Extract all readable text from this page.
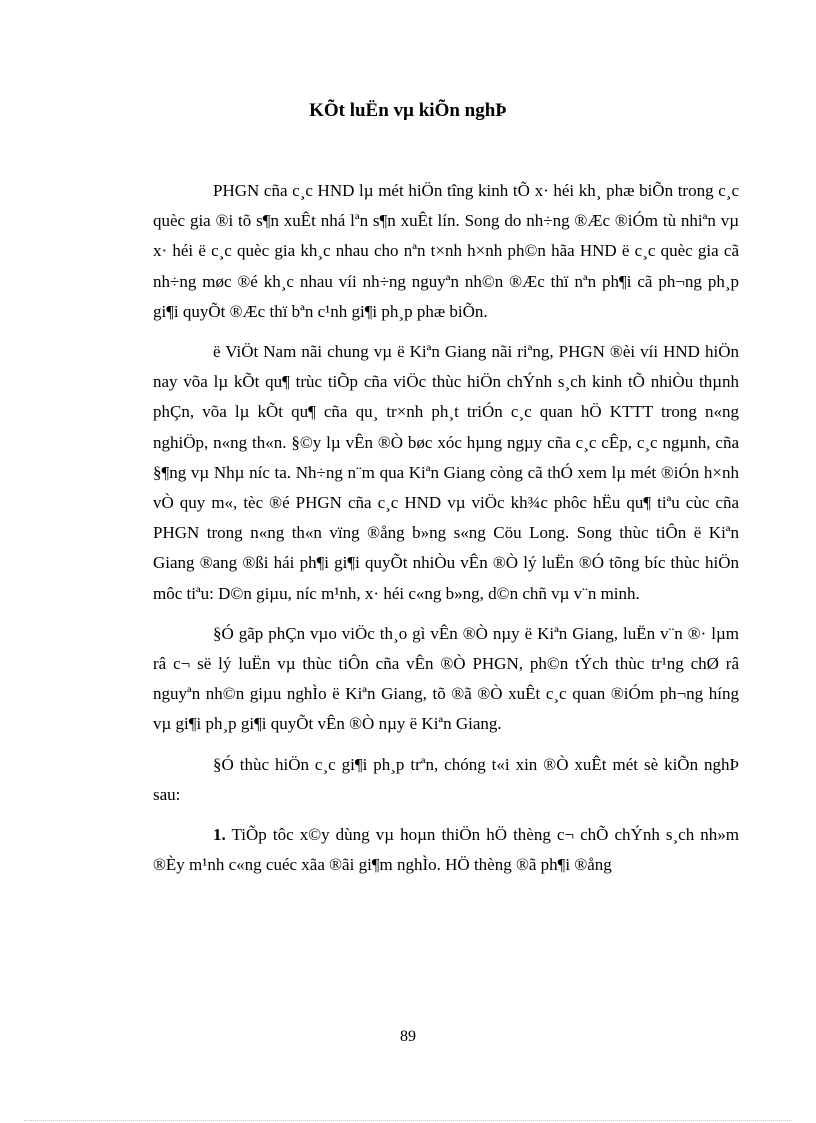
KÕt luËn vµ kiÕn nghÞ

PHGN cña c¸c HND lµ mét hiÖn tîng kinh tÕ x· héi kh¸ phæ biÕn trong c¸c quèc gia ®i tõ s¶n xuÊt nhá lªn s¶n xuÊt lín. Song do nh÷ng ®Æc ®iÓm tù nhiªn vµ x· héi ë c¸c quèc gia kh¸c nhau cho nªn t×nh h×nh ph©n hãa HND ë c¸c quèc gia cã nh÷ng møc ®é kh¸c nhau víi nh÷ng nguyªn nh©n ®Æc thï nªn ph¶i cã ph¬ng ph¸p gi¶i quyÕt ®Æc thï bªn c¹nh gi¶i ph¸p phæ biÕn.

ë ViÖt Nam nãi chung vµ ë Kiªn Giang nãi riªng, PHGN ®èi víi HND hiÖn nay võa lµ kÕt qu¶ trùc tiÕp cña viÖc thùc hiÖn chÝnh s¸ch kinh tÕ nhiÒu thµnh phÇn, võa lµ kÕt qu¶ cña qu¸ tr×nh ph¸t triÓn c¸c quan hÖ KTTT trong n«ng nghiÖp, n«ng th«n. §©y lµ vÊn ®Ò bøc xóc hµng ngµy cña c¸c cÊp, c¸c ngµnh, cña §¶ng vµ Nhµ níc ta. Nh÷ng n¨m qua Kiªn Giang còng cã thÓ xem lµ mét ®iÓn h×nh vÒ quy m«, tèc ®é PHGN cña c¸c HND vµ viÖc kh¾c phôc hËu qu¶ tiªu cùc cña PHGN trong n«ng th«n vïng ®ång b»ng s«ng Cöu Long. Song thùc tiÔn ë Kiªn Giang ®ang ®ßi hái ph¶i gi¶i quyÕt nhiÒu vÊn ®Ò lý luËn ®Ó tõng bíc thùc hiÖn môc tiªu: D©n giµu, níc m¹nh, x· héi c«ng b»ng, d©n chñ vµ v¨n minh.

§Ó gãp phÇn vµo viÖc th¸o gì vÊn ®Ò nµy ë Kiªn Giang, luËn v¨n ®· lµm râ c¬ së lý luËn vµ thùc tiÔn cña vÊn ®Ò PHGN, ph©n tÝch thùc tr¹ng chØ râ nguyªn nh©n giµu nghÌo ë Kiªn Giang, tõ ®ã ®Ò xuÊt c¸c quan ®iÓm ph¬ng híng vµ gi¶i ph¸p gi¶i quyÕt vÊn ®Ò nµy ë Kiªn Giang.

§Ó thùc hiÖn c¸c gi¶i ph¸p trªn, chóng t«i xin ®Ò xuÊt mét sè kiÕn nghÞ sau:

1. TiÕp tôc x©y dùng vµ hoµn thiÖn hÖ thèng c¬ chÕ chÝnh s¸ch nh»m ®Èy m¹nh c«ng cuéc xãa ®ãi gi¶m nghÌo. HÖ thèng ®ã ph¶i ®ång

89
